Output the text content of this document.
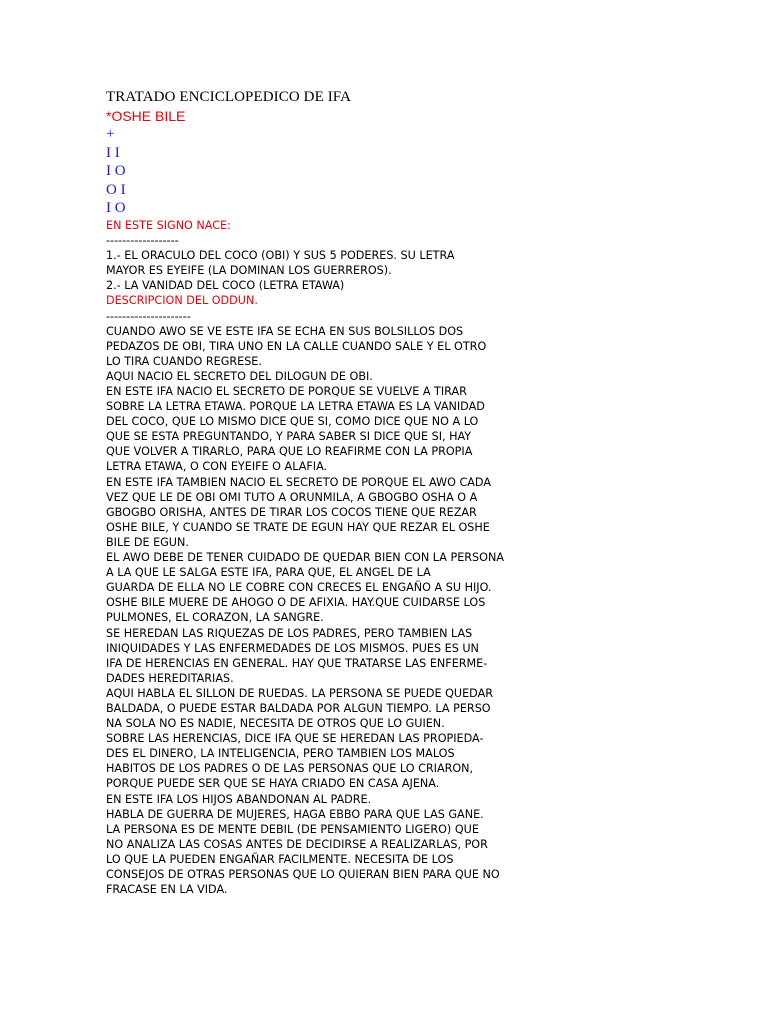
TRATADO ENCICLOPEDICO DE IFA
*OSHE BILE
+
I I
I O
O I
I O
EN ESTE SIGNO NACE:
------------------
1.- EL ORACULO DEL COCO (OBI) Y SUS 5 PODERES. SU LETRA
MAYOR ES EYEIFE (LA DOMINAN LOS GUERREROS).
2.- LA VANIDAD DEL COCO (LETRA ETAWA)
DESCRIPCION DEL ODDUN.
---------------------
CUANDO AWO SE VE ESTE IFA SE ECHA EN SUS BOLSILLOS DOS
PEDAZOS DE OBI, TIRA UNO EN LA CALLE CUANDO SALE Y EL OTRO
LO TIRA CUANDO REGRESE.
AQUI NACIO EL SECRETO DEL DILOGUN DE OBI.
EN ESTE IFA NACIO EL SECRETO DE PORQUE SE VUELVE A TIRAR
SOBRE LA LETRA ETAWA. PORQUE LA LETRA ETAWA ES LA VANIDAD
DEL COCO, QUE LO MISMO DICE QUE SI, COMO DICE QUE NO A LO
QUE SE ESTA PREGUNTANDO, Y PARA SABER SI DICE QUE SI, HAY
QUE VOLVER A TIRARLO, PARA QUE LO REAFIRME CON LA PROPIA
LETRA ETAWA, O CON EYEIFE O ALAFIA.
EN ESTE IFA TAMBIEN NACIO EL SECRETO DE PORQUE EL AWO CADA
VEZ QUE LE DE OBI OMI TUTO A ORUNMILA, A GBOGBO OSHA O A
GBOGBO ORISHA, ANTES DE TIRAR LOS COCOS TIENE QUE REZAR
OSHE BILE, Y CUANDO SE TRATE DE EGUN HAY QUE REZAR EL OSHE
BILE DE EGUN.
EL AWO DEBE DE TENER CUIDADO DE QUEDAR BIEN CON LA PERSONA
A LA QUE LE SALGA ESTE IFA, PARA QUE, EL ANGEL DE LA
GUARDA DE ELLA NO LE COBRE CON CRECES EL ENGAÑO A SU HIJO.
OSHE BILE MUERE DE AHOGO O DE AFIXIA. HAY.QUE CUIDARSE LOS
PULMONES, EL CORAZON, LA SANGRE.
SE HEREDAN LAS RIQUEZAS DE LOS PADRES, PERO TAMBIEN LAS
INIQUIDADES Y LAS ENFERMEDADES DE LOS MISMOS. PUES ES UN
IFA DE HERENCIAS EN GENERAL. HAY QUE TRATARSE LAS ENFERME-
DADES HEREDITARIAS.
AQUI HABLA EL SILLON DE RUEDAS. LA PERSONA SE PUEDE QUEDAR
BALDADA, O PUEDE ESTAR BALDADA POR ALGUN TIEMPO. LA PERSO
NA SOLA NO ES NADIE, NECESITA DE OTROS QUE LO GUIEN.
SOBRE LAS HERENCIAS, DICE IFA QUE SE HEREDAN LAS PROPIEDA-
DES EL DINERO, LA INTELIGENCIA, PERO TAMBIEN LOS MALOS
HABITOS DE LOS PADRES O DE LAS PERSONAS QUE LO CRIARON,
PORQUE PUEDE SER QUE SE HAYA CRIADO EN CASA AJENA.
EN ESTE IFA LOS HIJOS ABANDONAN AL PADRE.
HABLA DE GUERRA DE MUJERES, HAGA EBBO PARA QUE LAS GANE.
LA PERSONA ES DE MENTE DEBIL (DE PENSAMIENTO LIGERO) QUE
NO ANALIZA LAS COSAS ANTES DE DECIDIRSE A REALIZARLAS, POR
LO QUE LA PUEDEN ENGAÑAR FACILMENTE. NECESITA DE LOS
CONSEJOS DE OTRAS PERSONAS QUE LO QUIERAN BIEN PARA QUE NO
FRACASE EN LA VIDA.
